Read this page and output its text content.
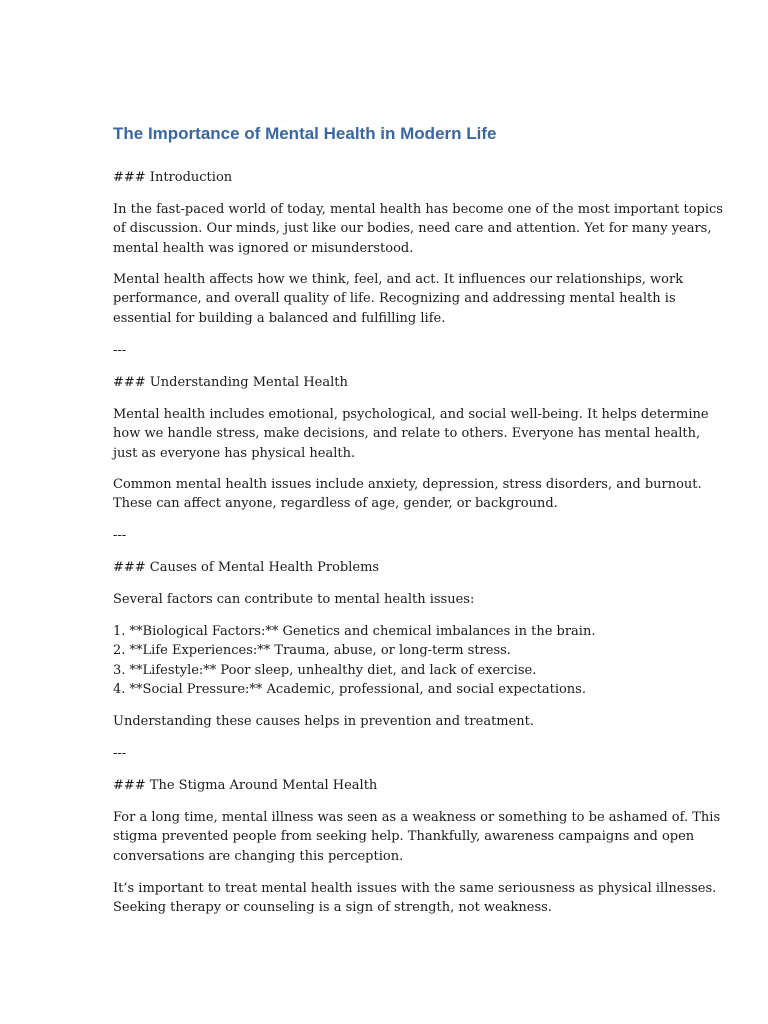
The Importance of Mental Health in Modern Life

### Introduction

In the fast-paced world of today, mental health has become one of the most important topics
of discussion. Our minds, just like our bodies, need care and attention. Yet for many years,
mental health was ignored or misunderstood.

Mental health affects how we think, feel, and act. It influences our relationships, work
performance, and overall quality of life. Recognizing and addressing mental health is
essential for building a balanced and fulfilling life.

---

### Understanding Mental Health

Mental health includes emotional, psychological, and social well-being. It helps determine
how we handle stress, make decisions, and relate to others. Everyone has mental health,
just as everyone has physical health.

Common mental health issues include anxiety, depression, stress disorders, and burnout.
These can affect anyone, regardless of age, gender, or background.

---

### Causes of Mental Health Problems

Several factors can contribute to mental health issues:

1. **Biological Factors:** Genetics and chemical imbalances in the brain.
2. **Life Experiences:** Trauma, abuse, or long-term stress.
3. **Lifestyle:** Poor sleep, unhealthy diet, and lack of exercise.
4. **Social Pressure:** Academic, professional, and social expectations.

Understanding these causes helps in prevention and treatment.

---

### The Stigma Around Mental Health

For a long time, mental illness was seen as a weakness or something to be ashamed of. This
stigma prevented people from seeking help. Thankfully, awareness campaigns and open
conversations are changing this perception.

It’s important to treat mental health issues with the same seriousness as physical illnesses.
Seeking therapy or counseling is a sign of strength, not weakness.
